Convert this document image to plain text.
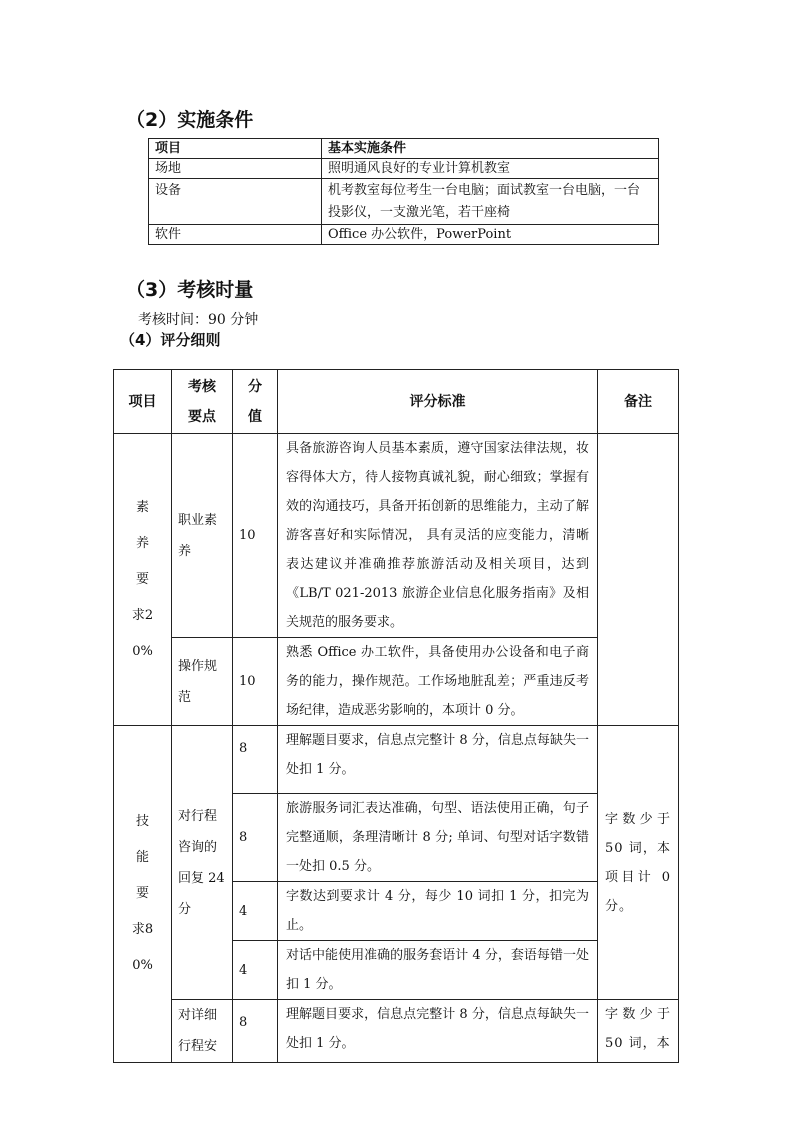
（2）实施条件
项目	基本实施条件
场地	照明通风良好的专业计算机教室
设备	机考教室每位考生一台电脑；面试教室一台电脑，一台投影仪，一支激光笔，若干座椅
软件	Office 办公软件，PowerPoint
（3）考核时量
考核时间：90 分钟
（4）评分细则
项目	考核要点	分值	评分标准	备注

素养要求20%	职业素养	10	具备旅游咨询人员基本素质，遵守国家法律法规，妆容得体大方，待人接物真诚礼貌，耐心细致；掌握有效的沟通技巧，具备开拓创新的思维能力，主动了解游客喜好和实际情况， 具有灵活的应变能力，清晰表达建议并准确推荐旅游活动及相关项目，达到《LB/T 021-2013 旅游企业信息化服务指南》及相关规范的服务要求。	

	操作规范	10	熟悉 Office 办工软件，具备使用办公设备和电子商务的能力，操作规范。工作场地脏乱差；严重违反考场纪律，造成恶劣影响的，本项计 0 分。	

技能要求80%	对行程咨询的回复 24 分	8	理解题目要求，信息点完整计 8 分，信息点每缺失一处扣 1 分。	字数少于 50 词，本项目计 0 分。
		8	旅游服务词汇表达准确，句型、语法使用正确，句子完整通顺，条理清晰计 8 分; 单词、句型对话字数错一处扣 0.5 分。	
		4	字数达到要求计 4 分，每少 10 词扣 1 分，扣完为止。	
		4	对话中能使用准确的服务套语计 4 分，套语每错一处扣 1 分。	

	对详细行程安	8	理解题目要求，信息点完整计 8 分，信息点每缺失一处扣 1 分。	字数少于 50 词，本
